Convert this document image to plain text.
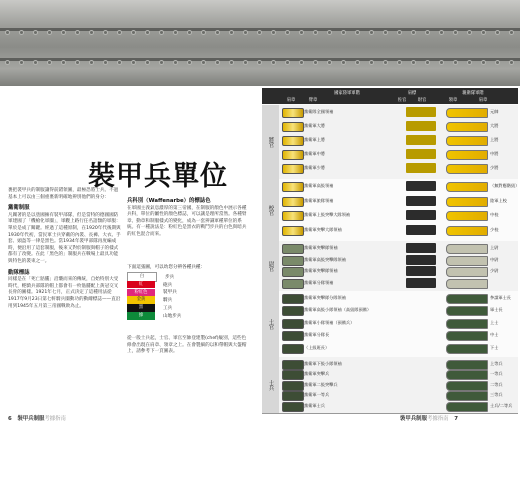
裝甲兵單位

裏把裝甲兵的制服讓得前錯領圖，最極恐將士兵。不過基本上可以由三個重裏新明確地辨別他們的身分：

黨衛制服

凡關著的是以塗國擁有裝甲部隊，但是當特的德國國防軍建國了「機槍化軍團」，軍觀上路行任名語類的軍服：單於是成了關鍵。經過了這種原制，在1920年代後期與1930年代初，當民軍士兵穿戴的內裝、長褲、大衣、手套、頭盔等一律是黑色。當1934年裝甲部隊再度編成時，便沿用了這套制服，後來又對於制服與帽子的樣式都有了改變。在此「黑色的」制服兵在戰場上最具功能與特色的裝束之一。

動隊標誌

同樣是在「死亡骷髏」沿襲而來的傳統，自始特別大受時代，輕騎兵部隊的帽上都會有一枚骷髏配上黃冠交叉長骨的圖樣。1921年七月，正式決定了這種用法從1917年9月23日第七軒騎兵團動功的動爾標誌——直沿用到1945年五月第三帝國戰敗為止。

兵科別（Waffenarbe）的標誌色

在軍國主義氣息濃厚的第三帝國，在制服的顏色中展示各種兵科，單位的屬性的顏色標誌，可以讓是理所當然。各種臂章、動章和制服樣式的變化，成為一套辨識軍種單位的系統。有一種說法是：粉紅色是黑衣的戰鬥步兵的白色與暗兵的紅色混合而來。

下面這張圖，可以幼您分辨各種兵種：
白	步兵
紅	砲兵
粉紅色	裝甲兵
金黃	騎兵
黑	工兵
綠	山地步兵

從一般士兵起，士官、軍官至帥登建製(chef)級別，這些色條會出現在肩章、領章之上。在會製細的以和帶帽與大盤帽上，請參考下一頁圖表。

6 裝甲兵制服考據指南
國家陸軍軍階
肩章	臂章
肩標
佐官	尉官
親衛隊軍階
領章	肩章
將官
黨衛隊全國領袖	元帥
黨衛軍大將	大將
黨衛軍上將	上將
黨衛軍中將	中將
黨衛軍少將	少將
校官
黨衛軍高級領袖	（無對應階級）
黨衛軍旅隊領袖	陸軍上校
黨衛軍上級突擊大隊領袖	中校
黨衛軍突擊大隊領袖	少校
尉官
黨衛軍突擊隊領袖	上尉
黨衛軍高級突擊隊領袖	中尉
黨衛軍突擊隊領袖	少尉
黨衛軍分隊領袖
士官
黨衛軍突擊隊分隊領袖	參謀軍士長
黨衛軍高級小隊領袖（高級隊預備）	軍士長
黨衛軍小隊領袖（預備兵）	上士
黨衛軍分隊長	中士
（上級班長）	下士
士兵
黨衛軍下級小隊領袖	上等兵
黨衛軍突擊兵	一等兵
黨衛軍二級突擊兵	二等兵
黨衛軍一等兵	三等兵
黨衛軍士兵	士兵/二等兵
裝甲兵制服考據指南 7
